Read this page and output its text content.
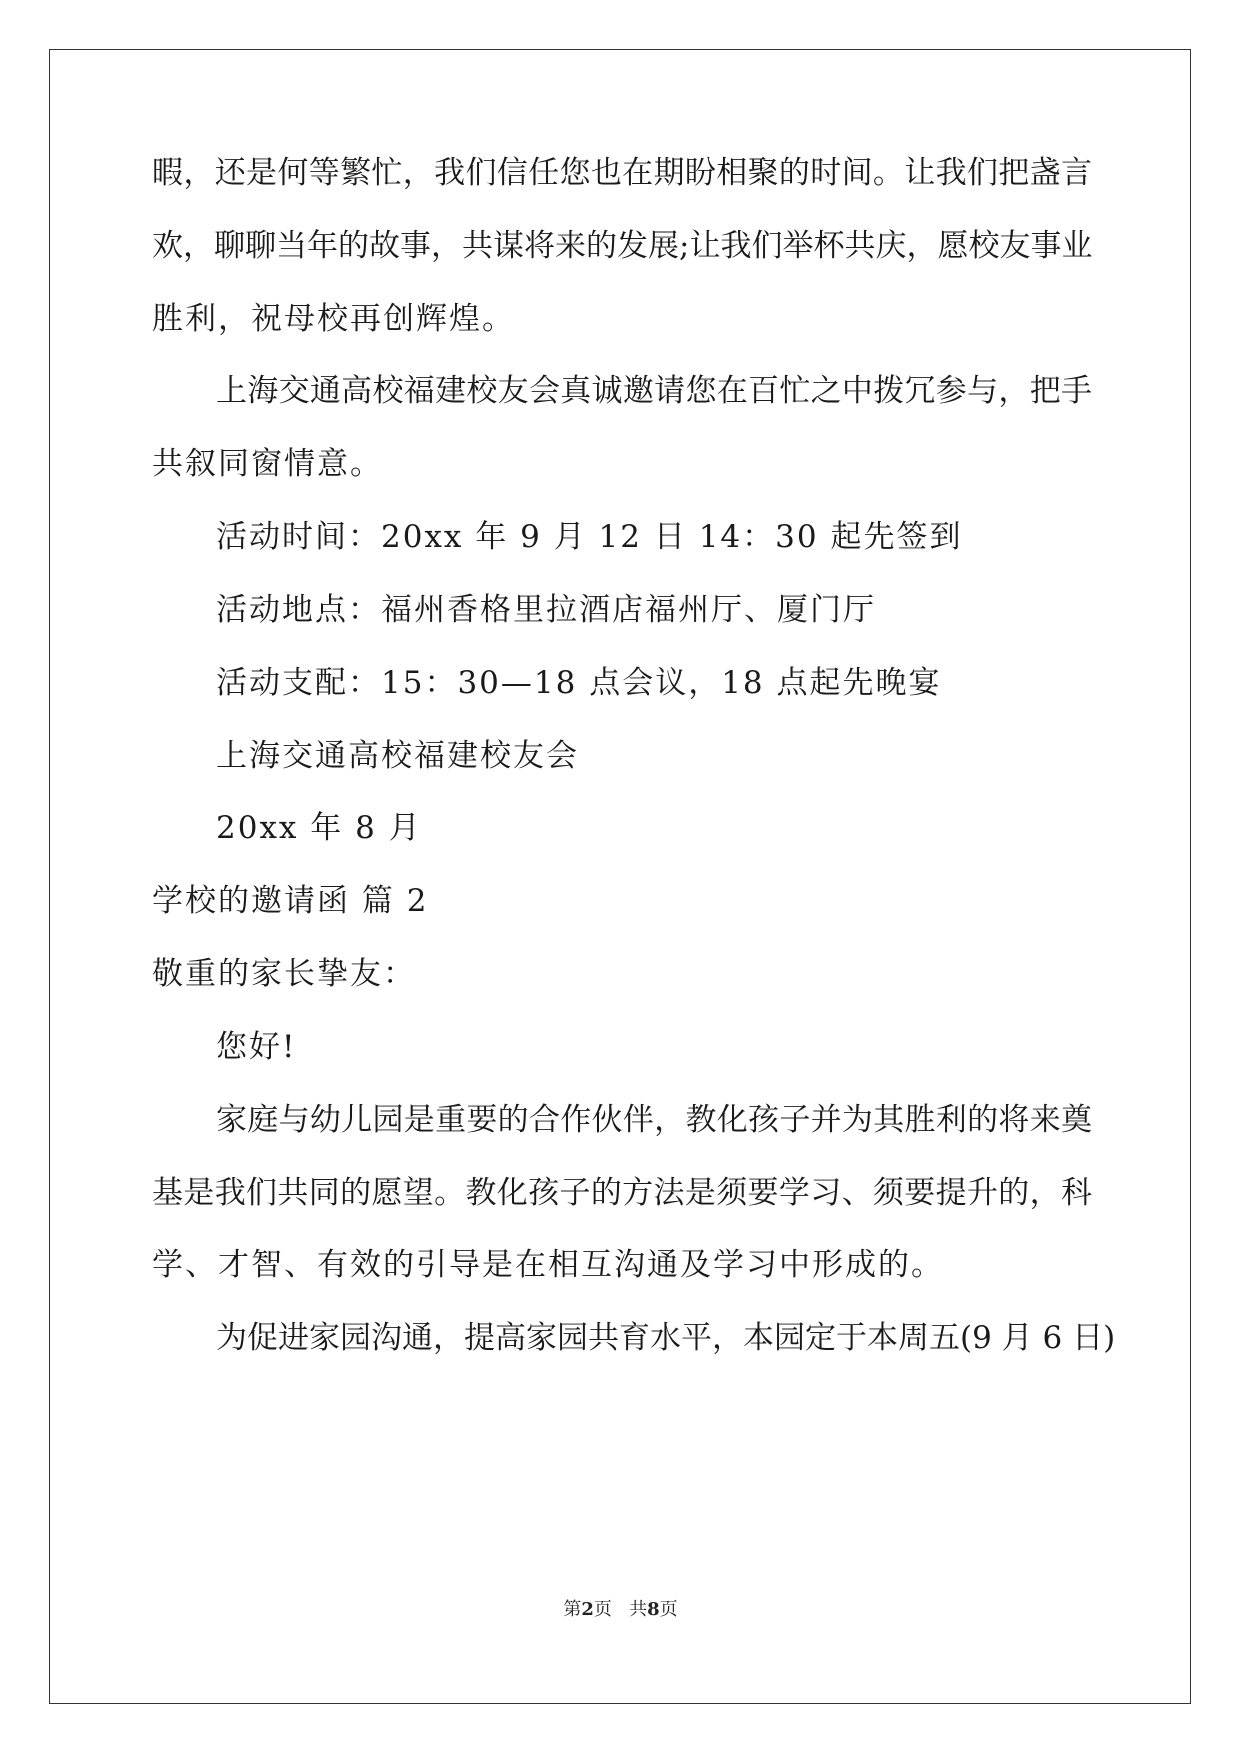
暇，还是何等繁忙，我们信任您也在期盼相聚的时间。让我们把盏言
欢，聊聊当年的故事，共谋将来的发展;让我们举杯共庆，愿校友事业
胜利，祝母校再创辉煌。
上海交通高校福建校友会真诚邀请您在百忙之中拨冗参与，把手
共叙同窗情意。
活动时间：20xx 年 9 月 12 日 14：30 起先签到
活动地点：福州香格里拉酒店福州厅、厦门厅
活动支配：15：30—18 点会议，18 点起先晚宴
上海交通高校福建校友会
20xx 年 8 月
学校的邀请函 篇 2
敬重的家长挚友：
您好!
家庭与幼儿园是重要的合作伙伴，教化孩子并为其胜利的将来奠
基是我们共同的愿望。教化孩子的方法是须要学习、须要提升的，科
学、才智、有效的引导是在相互沟通及学习中形成的。
为促进家园沟通，提高家园共育水平，本园定于本周五(9 月 6 日)
第2页 共8页
